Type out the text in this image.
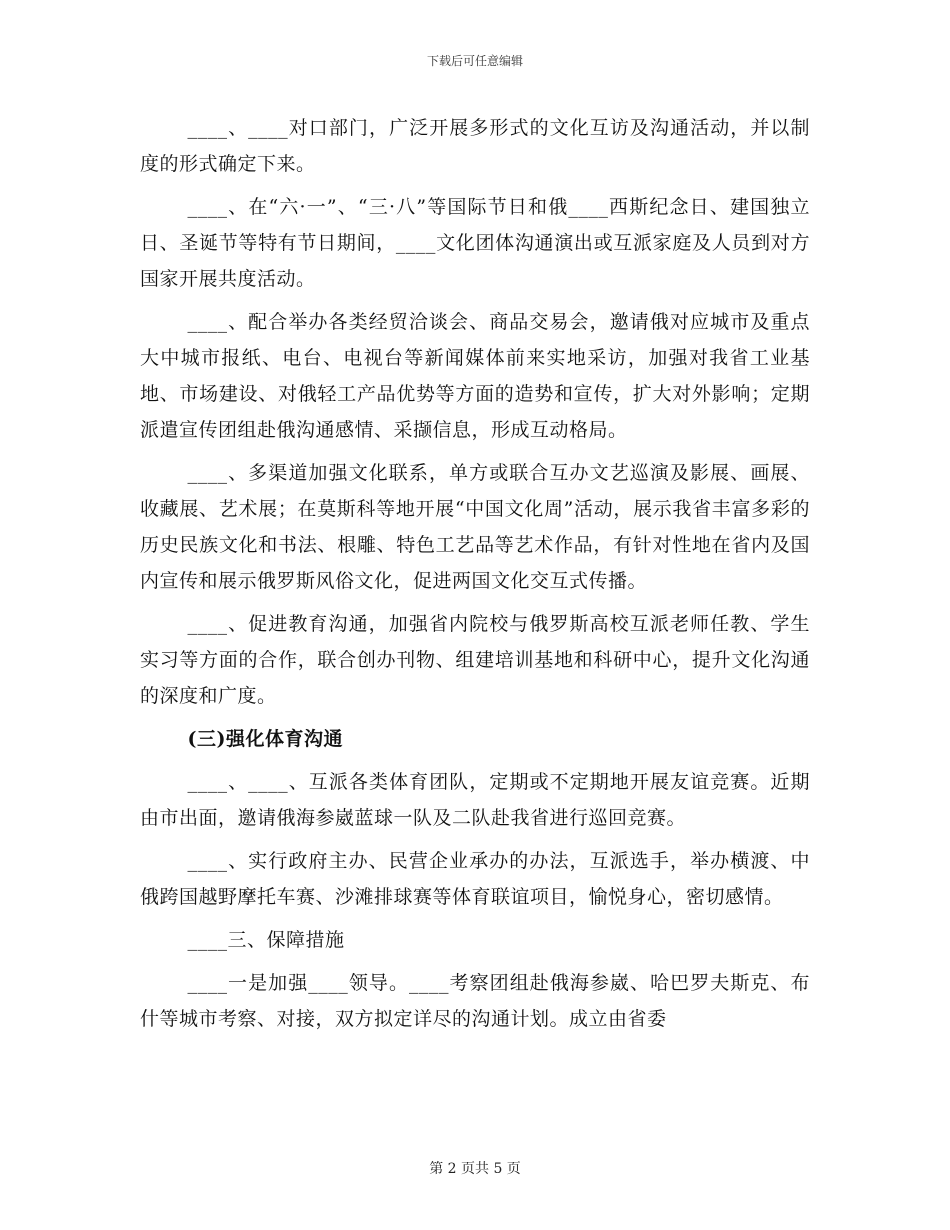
下载后可任意编辑

____、____对口部门，广泛开展多形式的文化互访及沟通活动，并以制度的形式确定下来。

____、在“六·一”、“三·八”等国际节日和俄____西斯纪念日、建国独立日、圣诞节等特有节日期间，____文化团体沟通演出或互派家庭及人员到对方国家开展共度活动。

____、配合举办各类经贸洽谈会、商品交易会，邀请俄对应城市及重点大中城市报纸、电台、电视台等新闻媒体前来实地采访，加强对我省工业基地、市场建设、对俄轻工产品优势等方面的造势和宣传，扩大对外影响；定期派遣宣传团组赴俄沟通感情、采撷信息，形成互动格局。

____、多渠道加强文化联系，单方或联合互办文艺巡演及影展、画展、收藏展、艺术展；在莫斯科等地开展“中国文化周”活动，展示我省丰富多彩的历史民族文化和书法、根雕、特色工艺品等艺术作品，有针对性地在省内及国内宣传和展示俄罗斯风俗文化，促进两国文化交互式传播。

____、促进教育沟通，加强省内院校与俄罗斯高校互派老师任教、学生实习等方面的合作，联合创办刊物、组建培训基地和科研中心，提升文化沟通的深度和广度。

(三)强化体育沟通

____、____、互派各类体育团队，定期或不定期地开展友谊竞赛。近期由市出面，邀请俄海参崴蓝球一队及二队赴我省进行巡回竞赛。

____、实行政府主办、民营企业承办的办法，互派选手，举办横渡、中俄跨国越野摩托车赛、沙滩排球赛等体育联谊项目，愉悦身心，密切感情。

____三、保障措施

____一是加强____领导。____考察团组赴俄海参崴、哈巴罗夫斯克、布什等城市考察、对接，双方拟定详尽的沟通计划。成立由省委

第 2 页共 5 页
